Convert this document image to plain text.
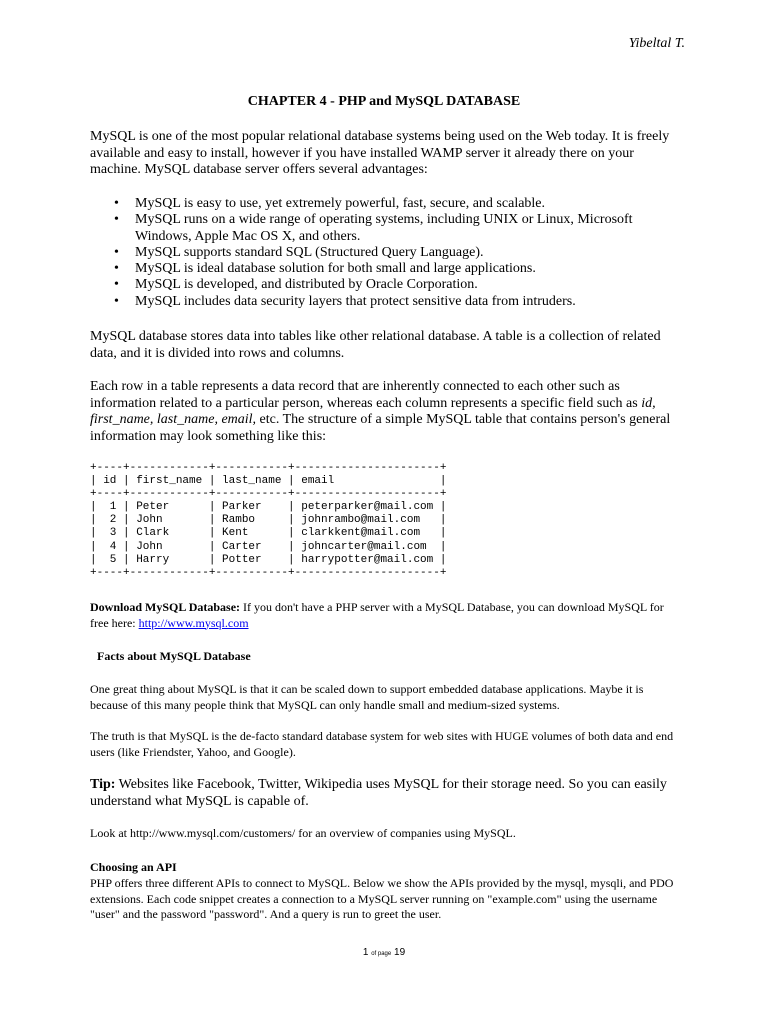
Yibeltal T.
CHAPTER 4 - PHP and MySQL DATABASE

MySQL is one of the most popular relational database systems being used on the Web today. It is freely available and easy to install, however if you have installed WAMP server it already there on your machine. MySQL database server offers several advantages:

• MySQL is easy to use, yet extremely powerful, fast, secure, and scalable.
• MySQL runs on a wide range of operating systems, including UNIX or Linux, Microsoft Windows, Apple Mac OS X, and others.
• MySQL supports standard SQL (Structured Query Language).
• MySQL is ideal database solution for both small and large applications.
• MySQL is developed, and distributed by Oracle Corporation.
• MySQL includes data security layers that protect sensitive data from intruders.

MySQL database stores data into tables like other relational database. A table is a collection of related data, and it is divided into rows and columns.

Each row in a table represents a data record that are inherently connected to each other such as information related to a particular person, whereas each column represents a specific field such as id, first_name, last_name, email, etc. The structure of a simple MySQL table that contains person's general information may look something like this:

+----+------------+-----------+----------------------+
| id | first_name | last_name | email                |
+----+------------+-----------+----------------------+
|  1 | Peter      | Parker    | peterparker@mail.com |
|  2 | John       | Rambo     | johnrambo@mail.com   |
|  3 | Clark      | Kent      | clarkkent@mail.com   |
|  4 | John       | Carter    | johncarter@mail.com  |
|  5 | Harry      | Potter    | harrypotter@mail.com |
+----+------------+-----------+----------------------+

Download MySQL Database: If you don't have a PHP server with a MySQL Database, you can download MySQL for free here: http://www.mysql.com

Facts about MySQL Database

One great thing about MySQL is that it can be scaled down to support embedded database applications. Maybe it is because of this many people think that MySQL can only handle small and medium-sized systems.

The truth is that MySQL is the de-facto standard database system for web sites with HUGE volumes of both data and end users (like Friendster, Yahoo, and Google).

Tip: Websites like Facebook, Twitter, Wikipedia uses MySQL for their storage need. So you can easily understand what MySQL is capable of.

Look at http://www.mysql.com/customers/ for an overview of companies using MySQL.

Choosing an API

PHP offers three different APIs to connect to MySQL. Below we show the APIs provided by the mysql, mysqli, and PDO extensions. Each code snippet creates a connection to a MySQL server running on "example.com" using the username "user" and the password "password". And a query is run to greet the user.

1 of page 19
